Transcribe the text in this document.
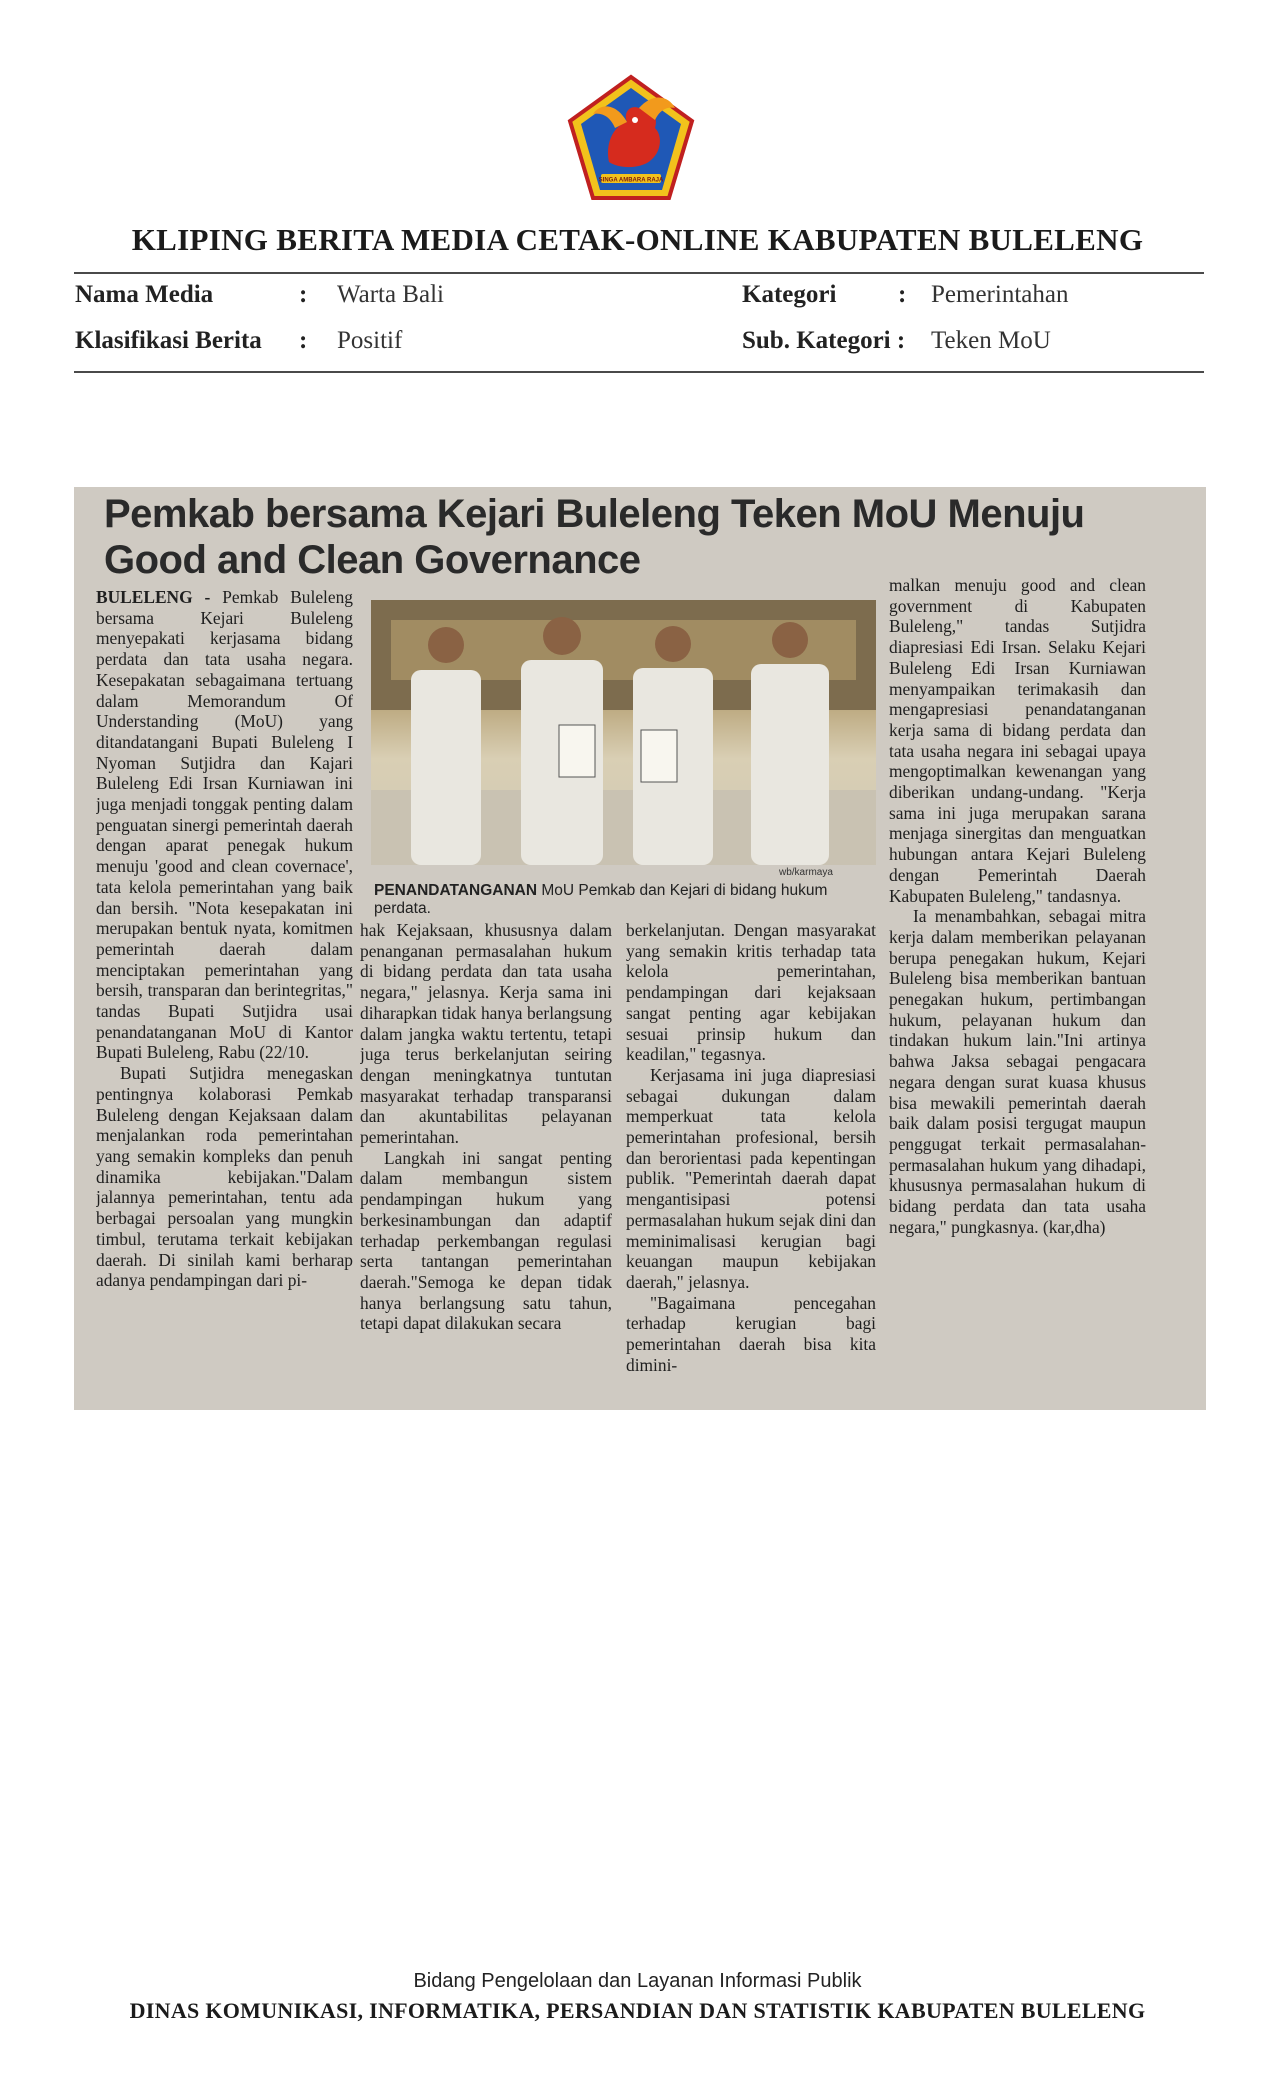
SINGA AMBARA RAJA
KLIPING BERITA MEDIA CETAK-ONLINE KABUPATEN BULELENG
Nama Media	: Warta Bali	Kategori : Pemerintahan
Klasifikasi Berita : Positif	Sub. Kategori : Teken MoU
Pemkab bersama Kejari Buleleng Teken MoU Menuju Good and Clean Governance

BULELENG - Pemkab Buleleng bersama Kejari Buleleng menyepakati kerjasama bidang perdata dan tata usaha negara. Kesepakatan sebagaimana tertuang dalam Memorandum Of Understanding (MoU) yang ditandatangani Bupati Buleleng I Nyoman Sutjidra dan Kajari Buleleng Edi Irsan Kurniawan ini juga menjadi tonggak penting dalam penguatan sinergi pemerintah daerah dengan aparat penegak hukum menuju 'good and clean covernace', tata kelola pemerintahan yang baik dan bersih. "Nota kesepakatan ini merupakan bentuk nyata, komitmen pemerintah daerah dalam menciptakan pemerintahan yang bersih, transparan dan berintegritas," tandas Bupati Sutjidra usai penandatanganan MoU di Kantor Bupati Buleleng, Rabu (22/10.

Bupati Sutjidra menegaskan pentingnya kolaborasi Pemkab Buleleng dengan Kejaksaan dalam menjalankan roda pemerintahan yang semakin kompleks dan penuh dinamika kebijakan."Dalam jalannya pemerintahan, tentu ada berbagai persoalan yang mungkin timbul, terutama terkait kebijakan daerah. Di sinilah kami berharap adanya pendampingan dari pi-

wb/karmaya
PENANDATANGANAN MoU Pemkab dan Kejari di bidang hukum perdata.

hak Kejaksaan, khususnya dalam penanganan permasalahan hukum di bidang perdata dan tata usaha negara," jelasnya. Kerja sama ini diharapkan tidak hanya berlangsung dalam jangka waktu tertentu, tetapi juga terus berkelanjutan seiring dengan meningkatnya tuntutan masyarakat terhadap transparansi dan akuntabilitas pelayanan pemerintahan.

Langkah ini sangat penting dalam membangun sistem pendampingan hukum yang berkesinambungan dan adaptif terhadap perkembangan regulasi serta tantangan pemerintahan daerah."Semoga ke depan tidak hanya berlangsung satu tahun, tetapi dapat dilakukan secara

berkelanjutan. Dengan masyarakat yang semakin kritis terhadap tata kelola pemerintahan, pendampingan dari kejaksaan sangat penting agar kebijakan sesuai prinsip hukum dan keadilan," tegasnya.

Kerjasama ini juga diapresiasi sebagai dukungan dalam memperkuat tata kelola pemerintahan profesional, bersih dan berorientasi pada kepentingan publik. "Pemerintah daerah dapat mengantisipasi potensi permasalahan hukum sejak dini dan meminimalisasi kerugian bagi keuangan maupun kebijakan daerah," jelasnya.

"Bagaimana pencegahan terhadap kerugian bagi pemerintahan daerah bisa kita dimini-

malkan menuju good and clean government di Kabupaten Buleleng," tandas Sutjidra diapresiasi Edi Irsan. Selaku Kejari Buleleng Edi Irsan Kurniawan menyampaikan terimakasih dan mengapresiasi penandatanganan kerja sama di bidang perdata dan tata usaha negara ini sebagai upaya mengoptimalkan kewenangan yang diberikan undang-undang. "Kerja sama ini juga merupakan sarana menjaga sinergitas dan menguatkan hubungan antara Kejari Buleleng dengan Pemerintah Daerah Kabupaten Buleleng," tandasnya.

Ia menambahkan, sebagai mitra kerja dalam memberikan pelayanan berupa penegakan hukum, Kejari Buleleng bisa memberikan bantuan penegakan hukum, pertimbangan hukum, pelayanan hukum dan tindakan hukum lain."Ini artinya bahwa Jaksa sebagai pengacara negara dengan surat kuasa khusus bisa mewakili pemerintah daerah baik dalam posisi tergugat maupun penggugat terkait permasalahan-permasalahan hukum yang dihadapi, khususnya permasalahan hukum di bidang perdata dan tata usaha negara," pungkasnya. (kar,dha)

Bidang Pengelolaan dan Layanan Informasi Publik
DINAS KOMUNIKASI, INFORMATIKA, PERSANDIAN DAN STATISTIK KABUPATEN BULELENG
